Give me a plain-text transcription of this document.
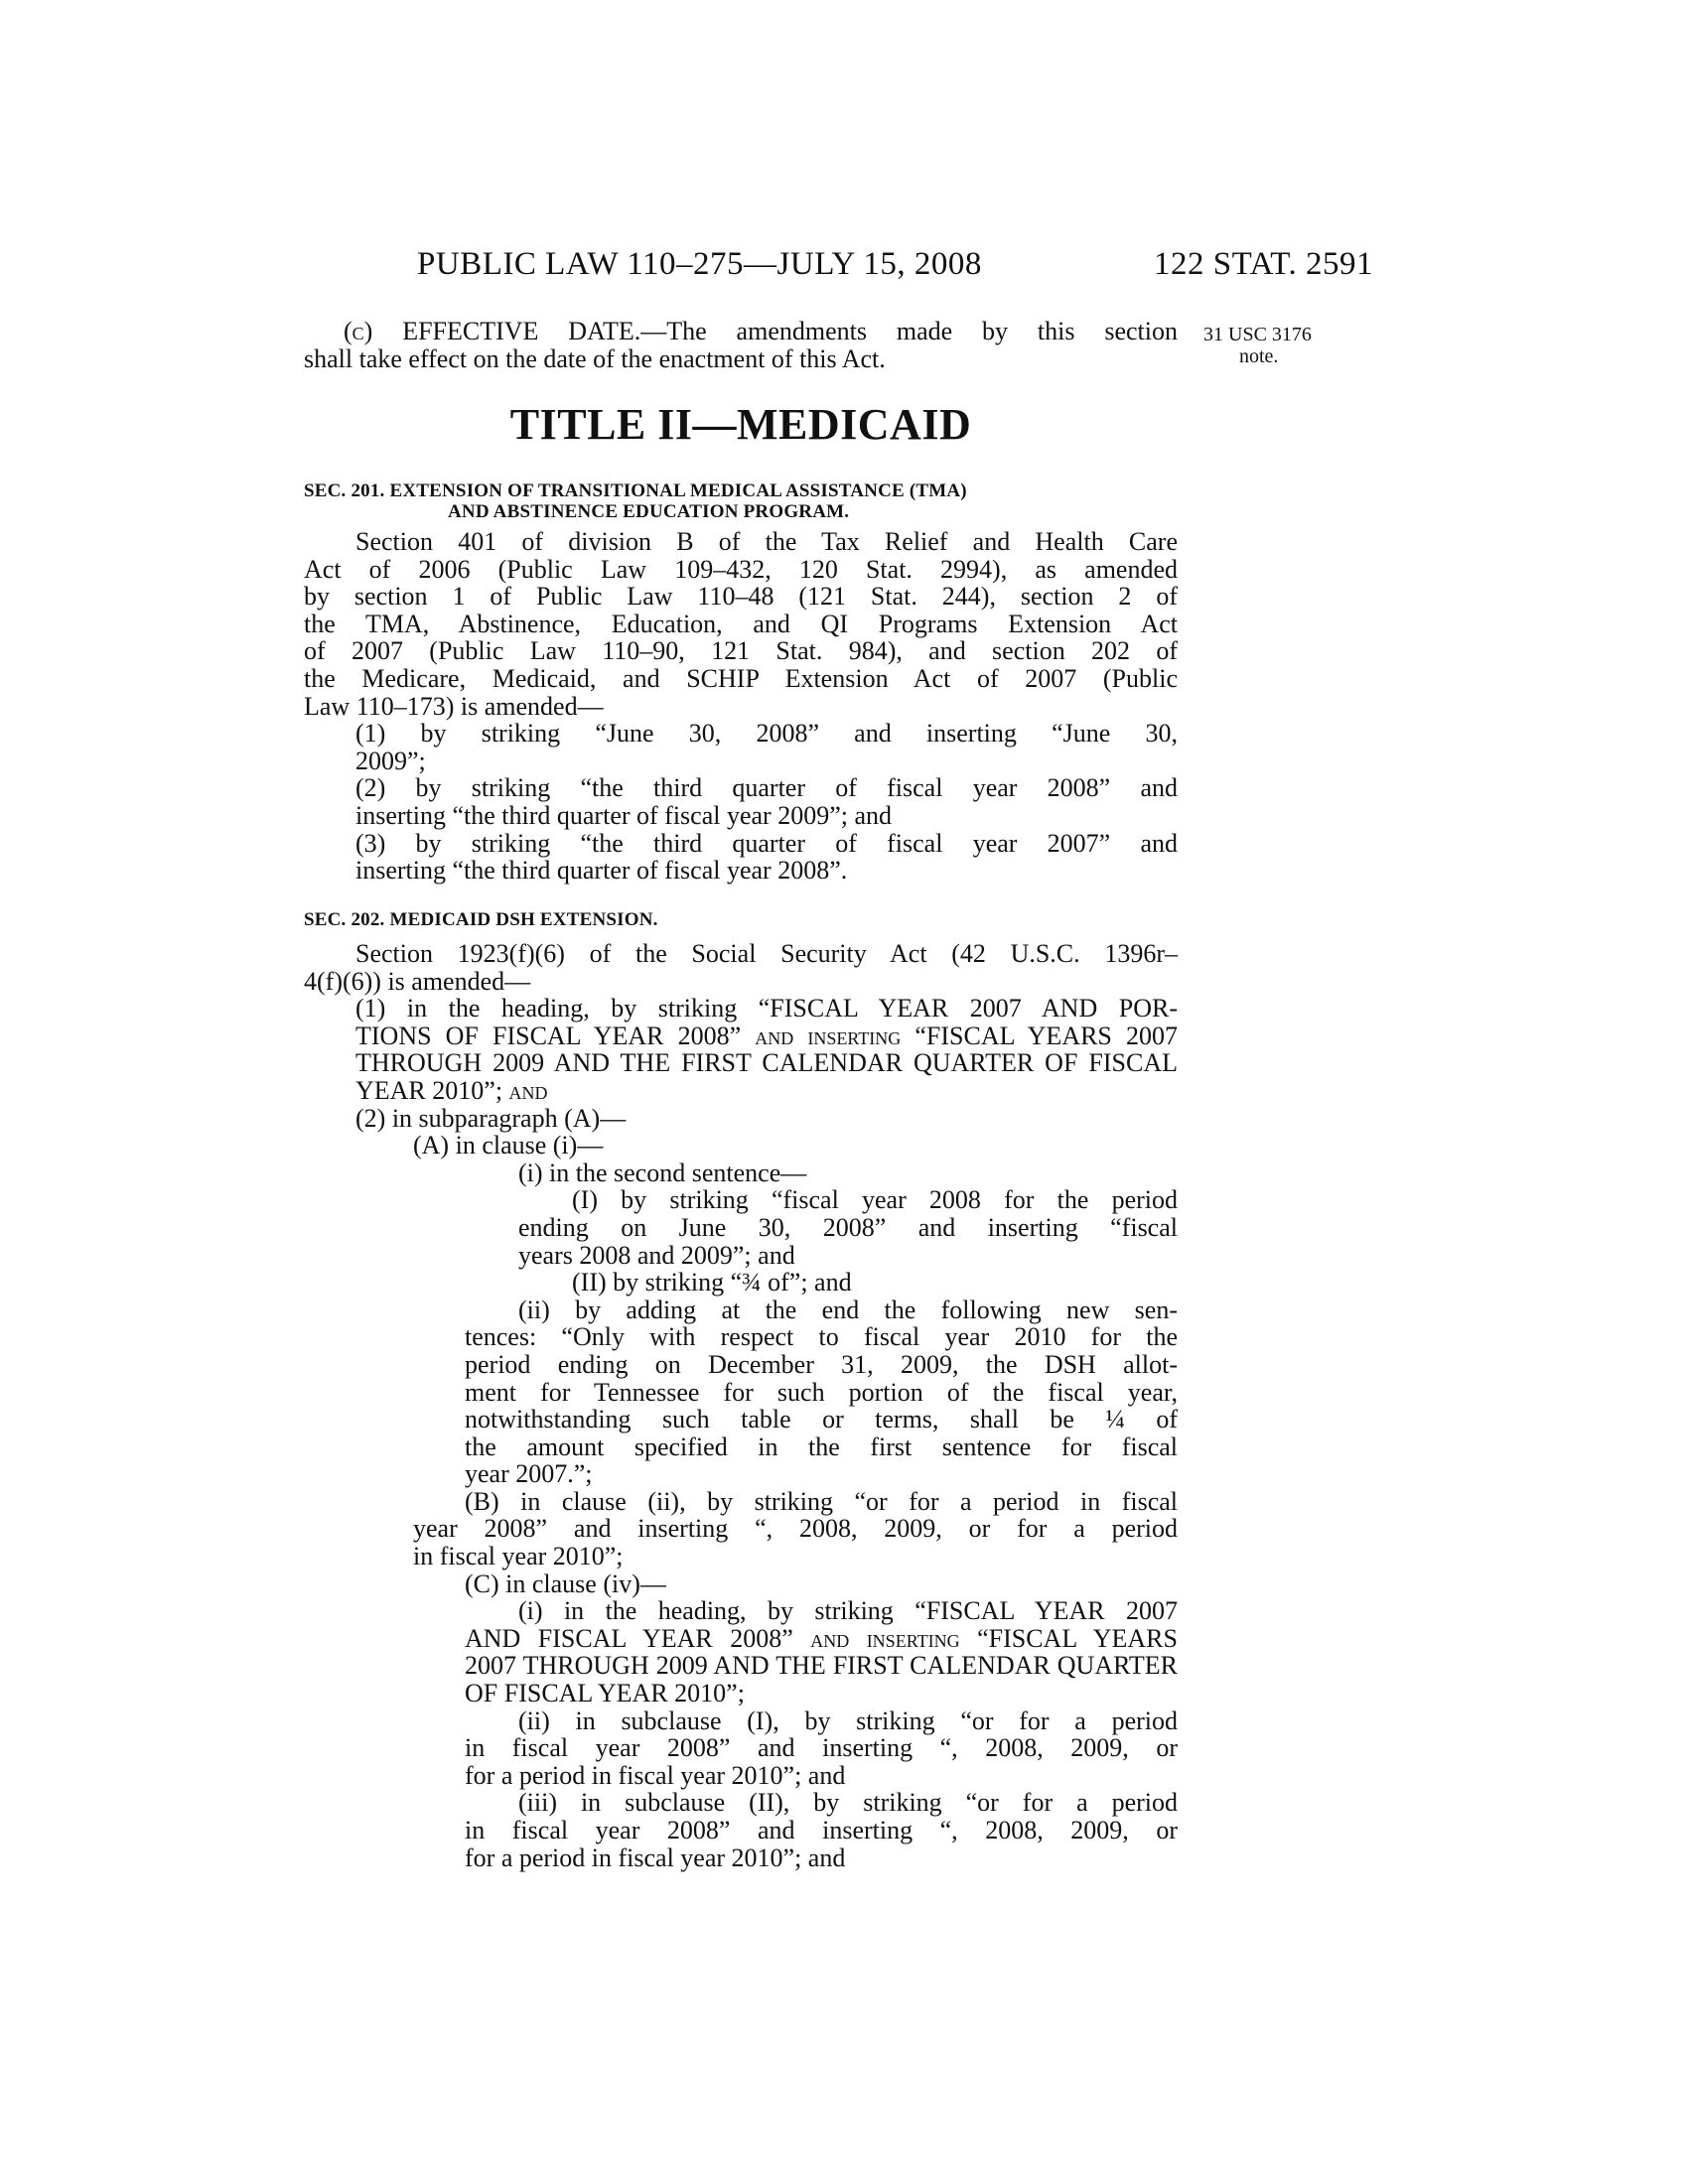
PUBLIC LAW 110–275—JULY 15, 2008	122 STAT. 2591
(c) EFFECTIVE DATE.—The amendments made by this section
shall take effect on the date of the enactment of this Act.
31 USC 3176
note.
TITLE II—MEDICAID

SEC. 201. EXTENSION OF TRANSITIONAL MEDICAL ASSISTANCE (TMA)
AND ABSTINENCE EDUCATION PROGRAM.

Section 401 of division B of the Tax Relief and Health Care
Act of 2006 (Public Law 109–432, 120 Stat. 2994), as amended
by section 1 of Public Law 110–48 (121 Stat. 244), section 2 of
the TMA, Abstinence, Education, and QI Programs Extension Act
of 2007 (Public Law 110–90, 121 Stat. 984), and section 202 of
the Medicare, Medicaid, and SCHIP Extension Act of 2007 (Public
Law 110–173) is amended—
(1) by striking “June 30, 2008” and inserting “June 30,
2009”;
(2) by striking “the third quarter of fiscal year 2008” and
inserting “the third quarter of fiscal year 2009”; and
(3) by striking “the third quarter of fiscal year 2007” and
inserting “the third quarter of fiscal year 2008”.

SEC. 202. MEDICAID DSH EXTENSION.

Section 1923(f)(6) of the Social Security Act (42 U.S.C. 1396r–
4(f)(6)) is amended—
(1) in the heading, by striking “FISCAL YEAR 2007 AND POR-
TIONS OF FISCAL YEAR 2008” and inserting “FISCAL YEARS 2007
THROUGH 2009 AND THE FIRST CALENDAR QUARTER OF FISCAL
YEAR 2010”; and
(2) in subparagraph (A)—
(A) in clause (i)—
(i) in the second sentence—
(I) by striking “fiscal year 2008 for the period
ending on June 30, 2008” and inserting “fiscal
years 2008 and 2009”; and
(II) by striking “¾ of”; and
(ii) by adding at the end the following new sen-
tences: “Only with respect to fiscal year 2010 for the
period ending on December 31, 2009, the DSH allot-
ment for Tennessee for such portion of the fiscal year,
notwithstanding such table or terms, shall be ¼ of
the amount specified in the first sentence for fiscal
year 2007.”;
(B) in clause (ii), by striking “or for a period in fiscal
year 2008” and inserting “, 2008, 2009, or for a period
in fiscal year 2010”;
(C) in clause (iv)—
(i) in the heading, by striking “FISCAL YEAR 2007
AND FISCAL YEAR 2008” and inserting “FISCAL YEARS
2007 THROUGH 2009 AND THE FIRST CALENDAR QUARTER
OF FISCAL YEAR 2010”;
(ii) in subclause (I), by striking “or for a period
in fiscal year 2008” and inserting “, 2008, 2009, or
for a period in fiscal year 2010”; and
(iii) in subclause (II), by striking “or for a period
in fiscal year 2008” and inserting “, 2008, 2009, or
for a period in fiscal year 2010”; and
